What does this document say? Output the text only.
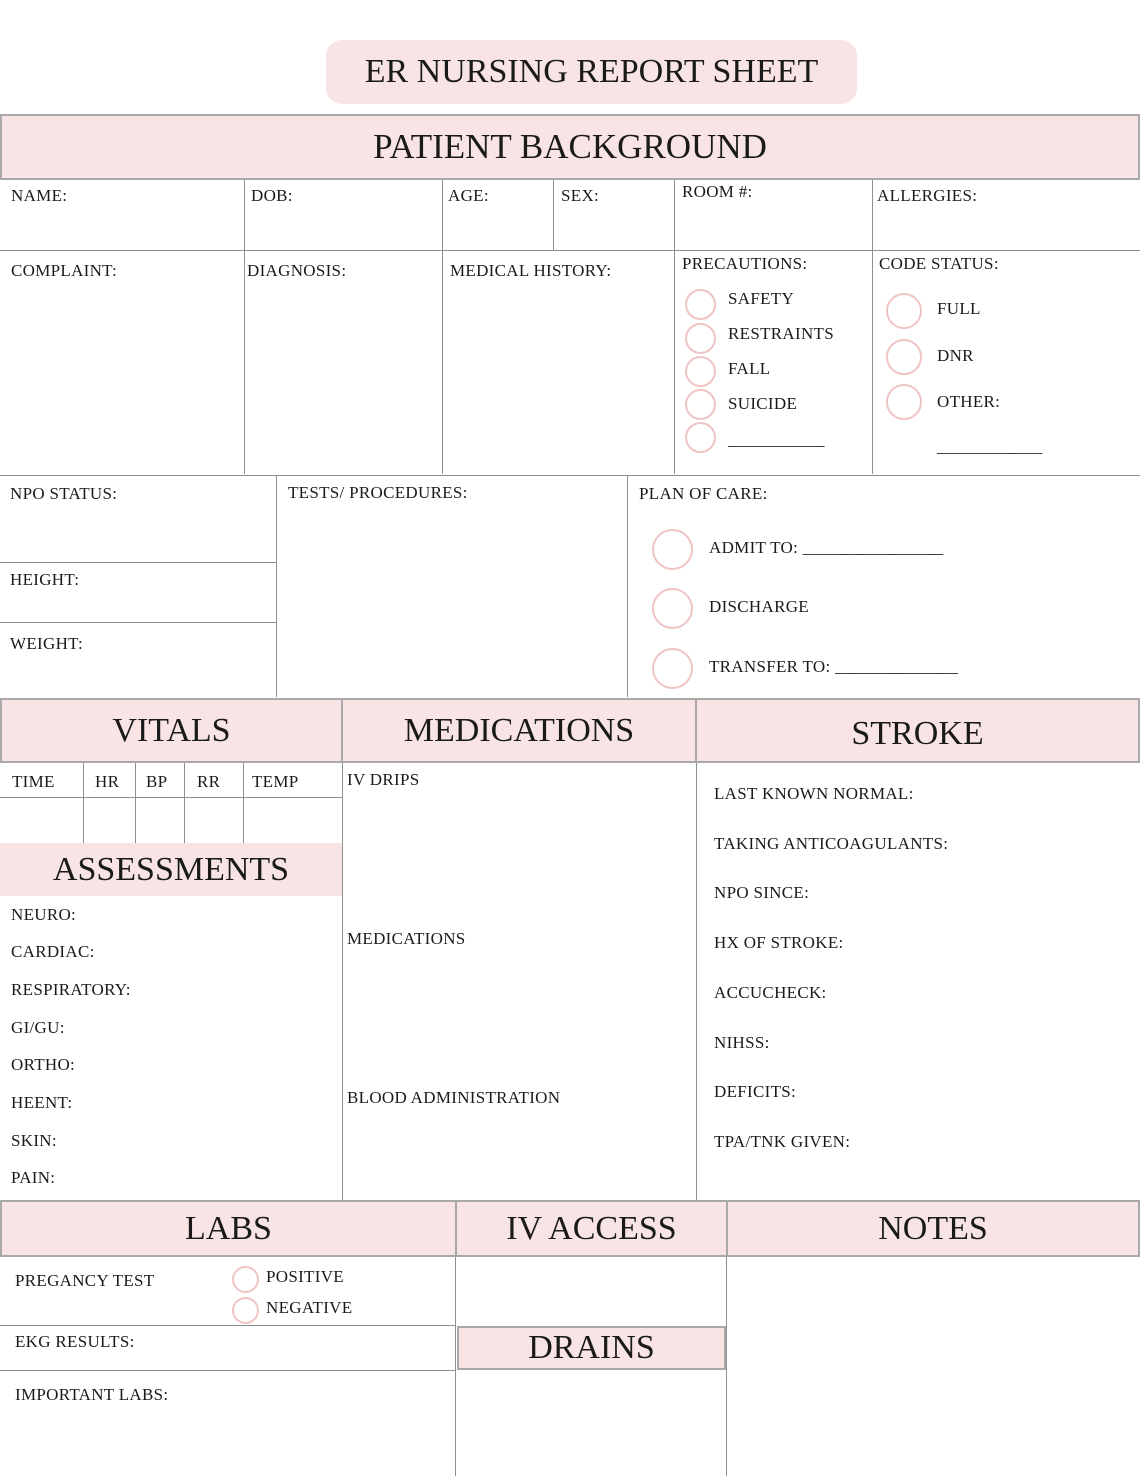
ER NURSING REPORT SHEET
PATIENT BACKGROUND
NAME:	DOB:	AGE:	SEX:	ROOM #:	ALLERGIES:
COMPLAINT:	DIAGNOSIS:	MEDICAL HISTORY:	PRECAUTIONS:
SAFETY
RESTRAINTS
FALL
SUICIDE
___________
CODE STATUS:
FULL
DNR
OTHER:
____________
NPO STATUS:
HEIGHT:
WEIGHT:
TESTS/ PROCEDURES:	PLAN OF CARE:
ADMIT TO: ________________
DISCHARGE
TRANSFER TO: ______________
VITALS	MEDICATIONS	STROKE
TIME HR BP RR TEMP
ASSESSMENTS
NEURO:
CARDIAC:
RESPIRATORY:
GI/GU:
ORTHO:
HEENT:
SKIN:
PAIN:
IV DRIPS
MEDICATIONS
BLOOD ADMINISTRATION
LAST KNOWN NORMAL:
TAKING ANTICOAGULANTS:
NPO SINCE:
HX OF STROKE:
ACCUCHECK:
NIHSS:
DEFICITS:
TPA/TNK GIVEN:
LABS	IV ACCESS	NOTES
PREGANCY TEST	POSITIVE
NEGATIVE
EKG RESULTS:
IMPORTANT LABS:
DRAINS
